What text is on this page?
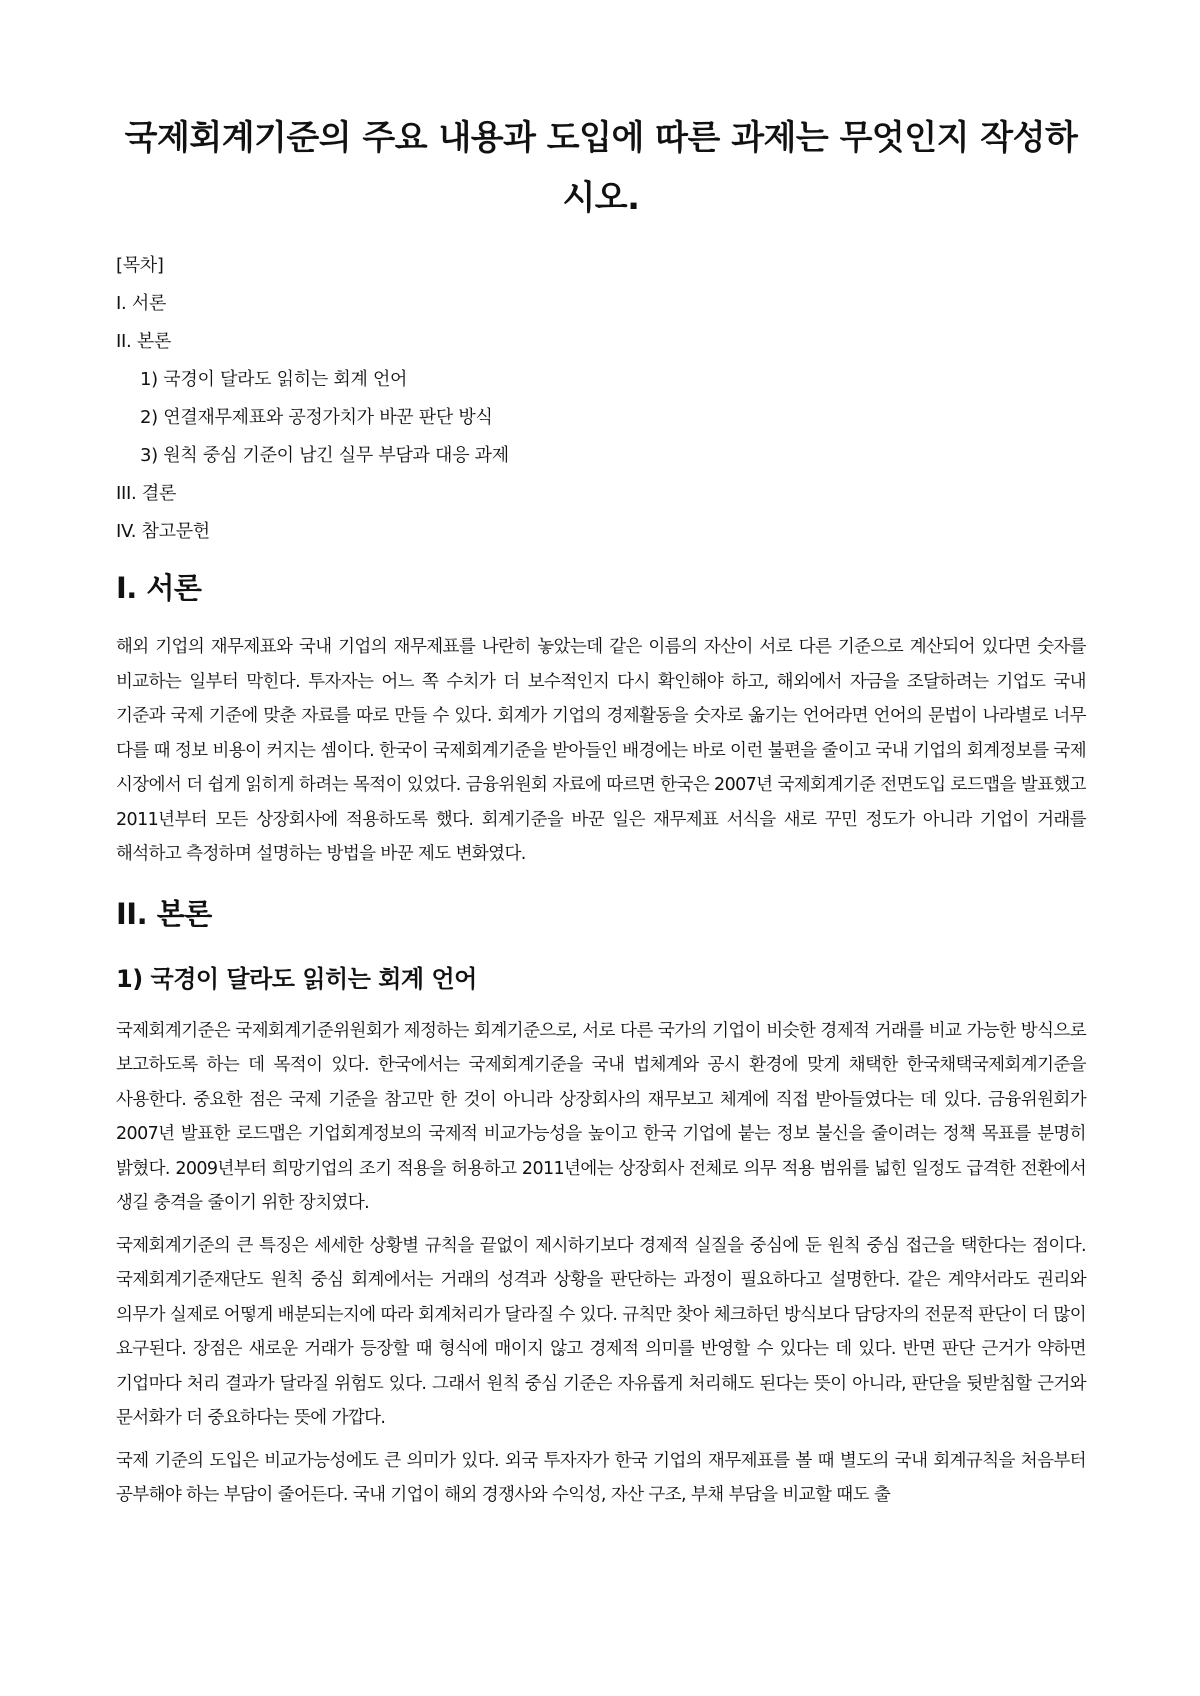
국제회계기준의 주요 내용과 도입에 따른 과제는 무엇인지 작성하시오.
[목차]
I. 서론
II. 본론
1) 국경이 달라도 읽히는 회계 언어
2) 연결재무제표와 공정가치가 바꾼 판단 방식
3) 원칙 중심 기준이 남긴 실무 부담과 대응 과제
III. 결론
IV. 참고문헌
I. 서론

해외 기업의 재무제표와 국내 기업의 재무제표를 나란히 놓았는데 같은 이름의 자산이 서로 다른 기준으로 계산되어 있다면 숫자를 비교하는 일부터 막힌다. 투자자는 어느 쪽 수치가 더 보수적인지 다시 확인해야 하고, 해외에서 자금을 조달하려는 기업도 국내 기준과 국제 기준에 맞춘 자료를 따로 만들 수 있다. 회계가 기업의 경제활동을 숫자로 옮기는 언어라면 언어의 문법이 나라별로 너무 다를 때 정보 비용이 커지는 셈이다. 한국이 국제회계기준을 받아들인 배경에는 바로 이런 불편을 줄이고 국내 기업의 회계정보를 국제 시장에서 더 쉽게 읽히게 하려는 목적이 있었다. 금융위원회 자료에 따르면 한국은 2007년 국제회계기준 전면도입 로드맵을 발표했고 2011년부터 모든 상장회사에 적용하도록 했다. 회계기준을 바꾼 일은 재무제표 서식을 새로 꾸민 정도가 아니라 기업이 거래를 해석하고 측정하며 설명하는 방법을 바꾼 제도 변화였다.

II. 본론
1) 국경이 달라도 읽히는 회계 언어

국제회계기준은 국제회계기준위원회가 제정하는 회계기준으로, 서로 다른 국가의 기업이 비슷한 경제적 거래를 비교 가능한 방식으로 보고하도록 하는 데 목적이 있다. 한국에서는 국제회계기준을 국내 법체계와 공시 환경에 맞게 채택한 한국채택국제회계기준을 사용한다. 중요한 점은 국제 기준을 참고만 한 것이 아니라 상장회사의 재무보고 체계에 직접 받아들였다는 데 있다. 금융위원회가 2007년 발표한 로드맵은 기업회계정보의 국제적 비교가능성을 높이고 한국 기업에 붙는 정보 불신을 줄이려는 정책 목표를 분명히 밝혔다. 2009년부터 희망기업의 조기 적용을 허용하고 2011년에는 상장회사 전체로 의무 적용 범위를 넓힌 일정도 급격한 전환에서 생길 충격을 줄이기 위한 장치였다.

국제회계기준의 큰 특징은 세세한 상황별 규칙을 끝없이 제시하기보다 경제적 실질을 중심에 둔 원칙 중심 접근을 택한다는 점이다. 국제회계기준재단도 원칙 중심 회계에서는 거래의 성격과 상황을 판단하는 과정이 필요하다고 설명한다. 같은 계약서라도 권리와 의무가 실제로 어떻게 배분되는지에 따라 회계처리가 달라질 수 있다. 규칙만 찾아 체크하던 방식보다 담당자의 전문적 판단이 더 많이 요구된다. 장점은 새로운 거래가 등장할 때 형식에 매이지 않고 경제적 의미를 반영할 수 있다는 데 있다. 반면 판단 근거가 약하면 기업마다 처리 결과가 달라질 위험도 있다. 그래서 원칙 중심 기준은 자유롭게 처리해도 된다는 뜻이 아니라, 판단을 뒷받침할 근거와 문서화가 더 중요하다는 뜻에 가깝다.

국제 기준의 도입은 비교가능성에도 큰 의미가 있다. 외국 투자자가 한국 기업의 재무제표를 볼 때 별도의 국내 회계규칙을 처음부터 공부해야 하는 부담이 줄어든다. 국내 기업이 해외 경쟁사와 수익성, 자산 구조, 부채 부담을 비교할 때도 출
